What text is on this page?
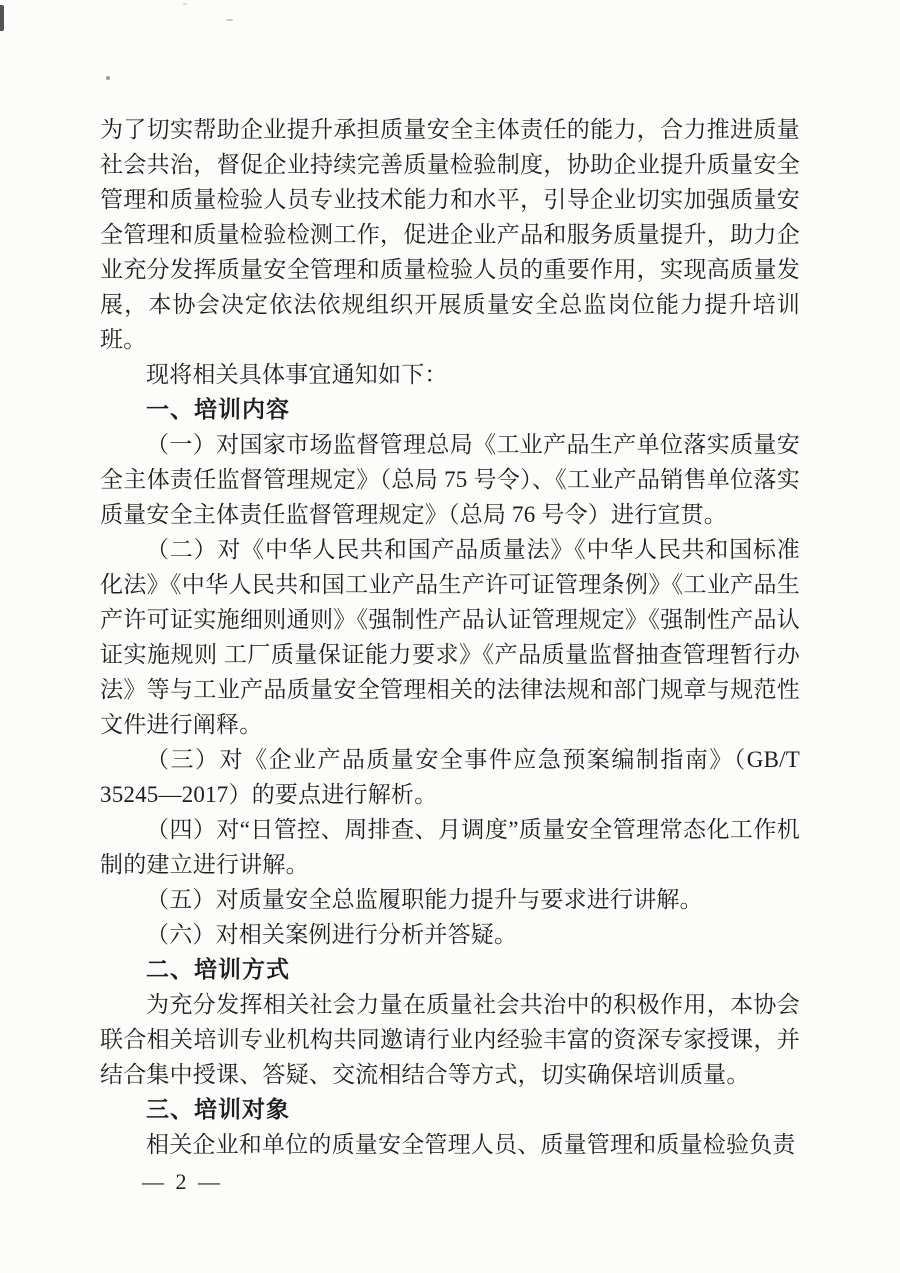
为了切实帮助企业提升承担质量安全主体责任的能力，合力推进质量社会共治，督促企业持续完善质量检验制度，协助企业提升质量安全管理和质量检验人员专业技术能力和水平，引导企业切实加强质量安全管理和质量检验检测工作，促进企业产品和服务质量提升，助力企业充分发挥质量安全管理和质量检验人员的重要作用，实现高质量发展，本协会决定依法依规组织开展质量安全总监岗位能力提升培训班。

现将相关具体事宜通知如下：

一、培训内容

（一）对国家市场监督管理总局《工业产品生产单位落实质量安全主体责任监督管理规定》（总局 75 号令）、《工业产品销售单位落实质量安全主体责任监督管理规定》（总局 76 号令）进行宣贯。

（二）对《中华人民共和国产品质量法》《中华人民共和国标准化法》《中华人民共和国工业产品生产许可证管理条例》《工业产品生产许可证实施细则通则》《强制性产品认证管理规定》《强制性产品认证实施规则 工厂质量保证能力要求》《产品质量监督抽查管理暂行办法》等与工业产品质量安全管理相关的法律法规和部门规章与规范性文件进行阐释。

（三）对《企业产品质量安全事件应急预案编制指南》（GB/T 35245—2017）的要点进行解析。

（四）对“日管控、周排查、月调度”质量安全管理常态化工作机制的建立进行讲解。

（五）对质量安全总监履职能力提升与要求进行讲解。

（六）对相关案例进行分析并答疑。

二、培训方式

为充分发挥相关社会力量在质量社会共治中的积极作用，本协会联合相关培训专业机构共同邀请行业内经验丰富的资深专家授课，并结合集中授课、答疑、交流相结合等方式，切实确保培训质量。

三、培训对象

相关企业和单位的质量安全管理人员、质量管理和质量检验负责

— 2 —
